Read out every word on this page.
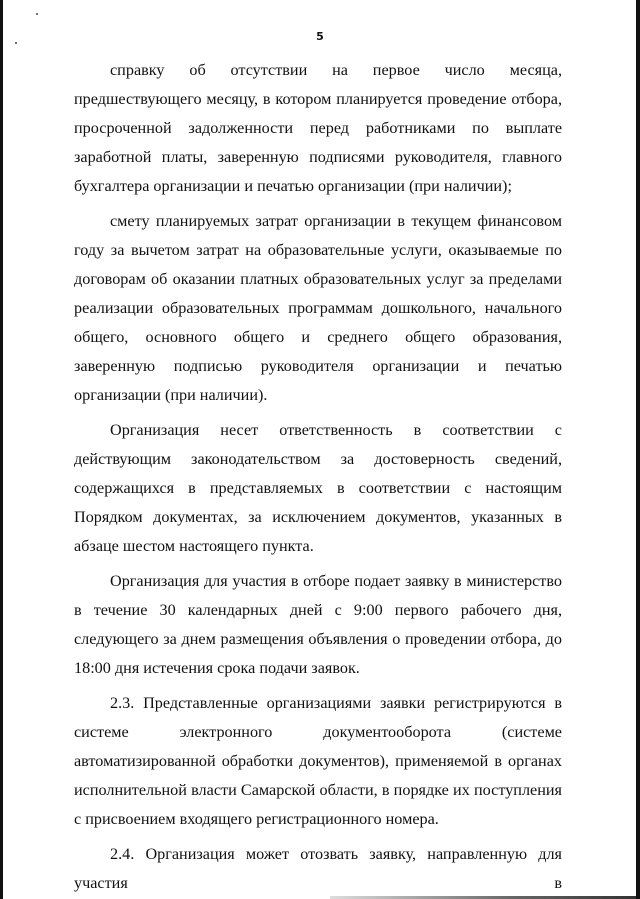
5

справку об отсутствии на первое число месяца, предшествующего месяцу, в котором планируется проведение отбора, просроченной задолженности перед работниками по выплате заработной платы, заверенную подписями руководителя, главного бухгалтера организации и печатью организации (при наличии);

смету планируемых затрат организации в текущем финансовом году за вычетом затрат на образовательные услуги, оказываемые по договорам об оказании платных образовательных услуг за пределами реализации образовательных программам дошкольного, начального общего, основного общего и среднего общего образования, заверенную подписью руководителя организации и печатью организации (при наличии).

Организация несет ответственность в соответствии с действующим законодательством за достоверность сведений, содержащихся в представляемых в соответствии с настоящим Порядком документах, за исключением документов, указанных в абзаце шестом настоящего пункта.

Организация для участия в отборе подает заявку в министерство в течение 30 календарных дней с 9:00 первого рабочего дня, следующего за днем размещения объявления о проведении отбора, до 18:00 дня истечения срока подачи заявок.

2.3. Представленные организациями заявки регистрируются в системе электронного документооборота (системе автоматизированной обработки документов), применяемой в органах исполнительной власти Самарской области, в порядке их поступления с присвоением входящего регистрационного номера.

2.4. Организация может отозвать заявку, направленную для участия в
